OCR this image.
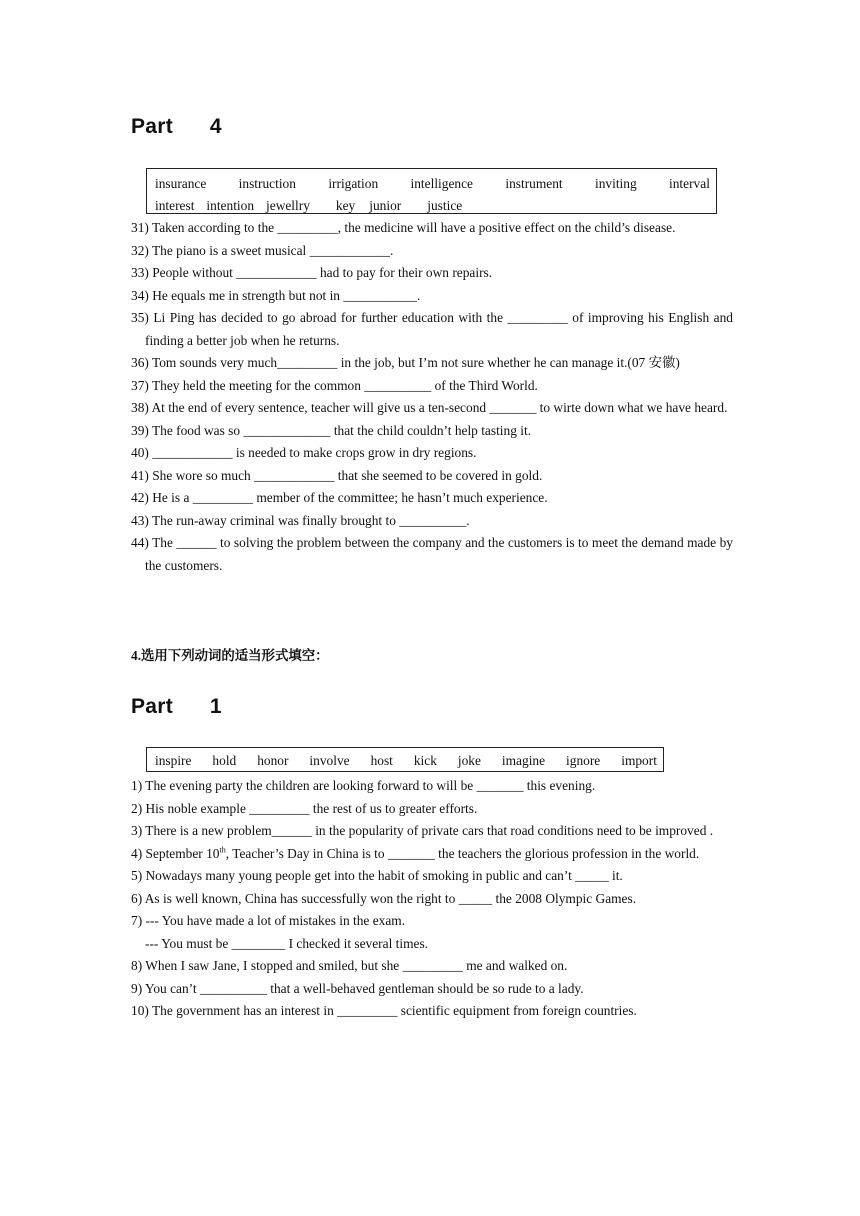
Part      4
insurance instruction irrigation intelligence instrument inviting interval
interest intention jewellry key junior justice

31) Taken according to the _________, the medicine will have a positive effect on the child’s disease.

32) The piano is a sweet musical ____________.

33) People without ____________ had to pay for their own repairs.

34) He equals me in strength but not in ___________.

35) Li Ping has decided to go abroad for further education with the _________ of improving his English and finding a better job when he returns.

36) Tom sounds very much_________ in the job, but I’m not sure whether he can manage it.(07 安徽)

37) They held the meeting for the common __________ of the Third World.

38) At the end of every sentence, teacher will give us a ten-second _______ to wirte down what we have heard.

39) The food was so _____________ that the child couldn’t help tasting it.

40) ____________ is needed to make crops grow in dry regions.

41) She wore so much ____________ that she seemed to be covered in gold.

42) He is a _________ member of the committee; he hasn’t much experience.

43) The run-away criminal was finally brought to __________.

44) The ______ to solving the problem between the company and the customers is to meet the demand made by the customers.

4.选用下列动词的适当形式填空：
Part      1
inspire hold honor involve host kick joke imagine ignore import

1) The evening party the children are looking forward to will be _______ this evening.

2) His noble example _________ the rest of us to greater efforts.

3) There is a new problem______ in the popularity of private cars that road conditions need to be improved .

4) September 10th, Teacher’s Day in China is to _______ the teachers the glorious profession in the world.

5) Nowadays many young people get into the habit of smoking in public and can’t _____ it.

6) As is well known, China has successfully won the right to _____ the 2008 Olympic Games.

7) --- You have made a lot of mistakes in the exam.

--- You must be ________ I checked it several times.

8) When I saw Jane, I stopped and smiled, but she _________ me and walked on.

9) You can’t __________ that a well-behaved gentleman should be so rude to a lady.

10) The government has an interest in _________ scientific equipment from foreign countries.
